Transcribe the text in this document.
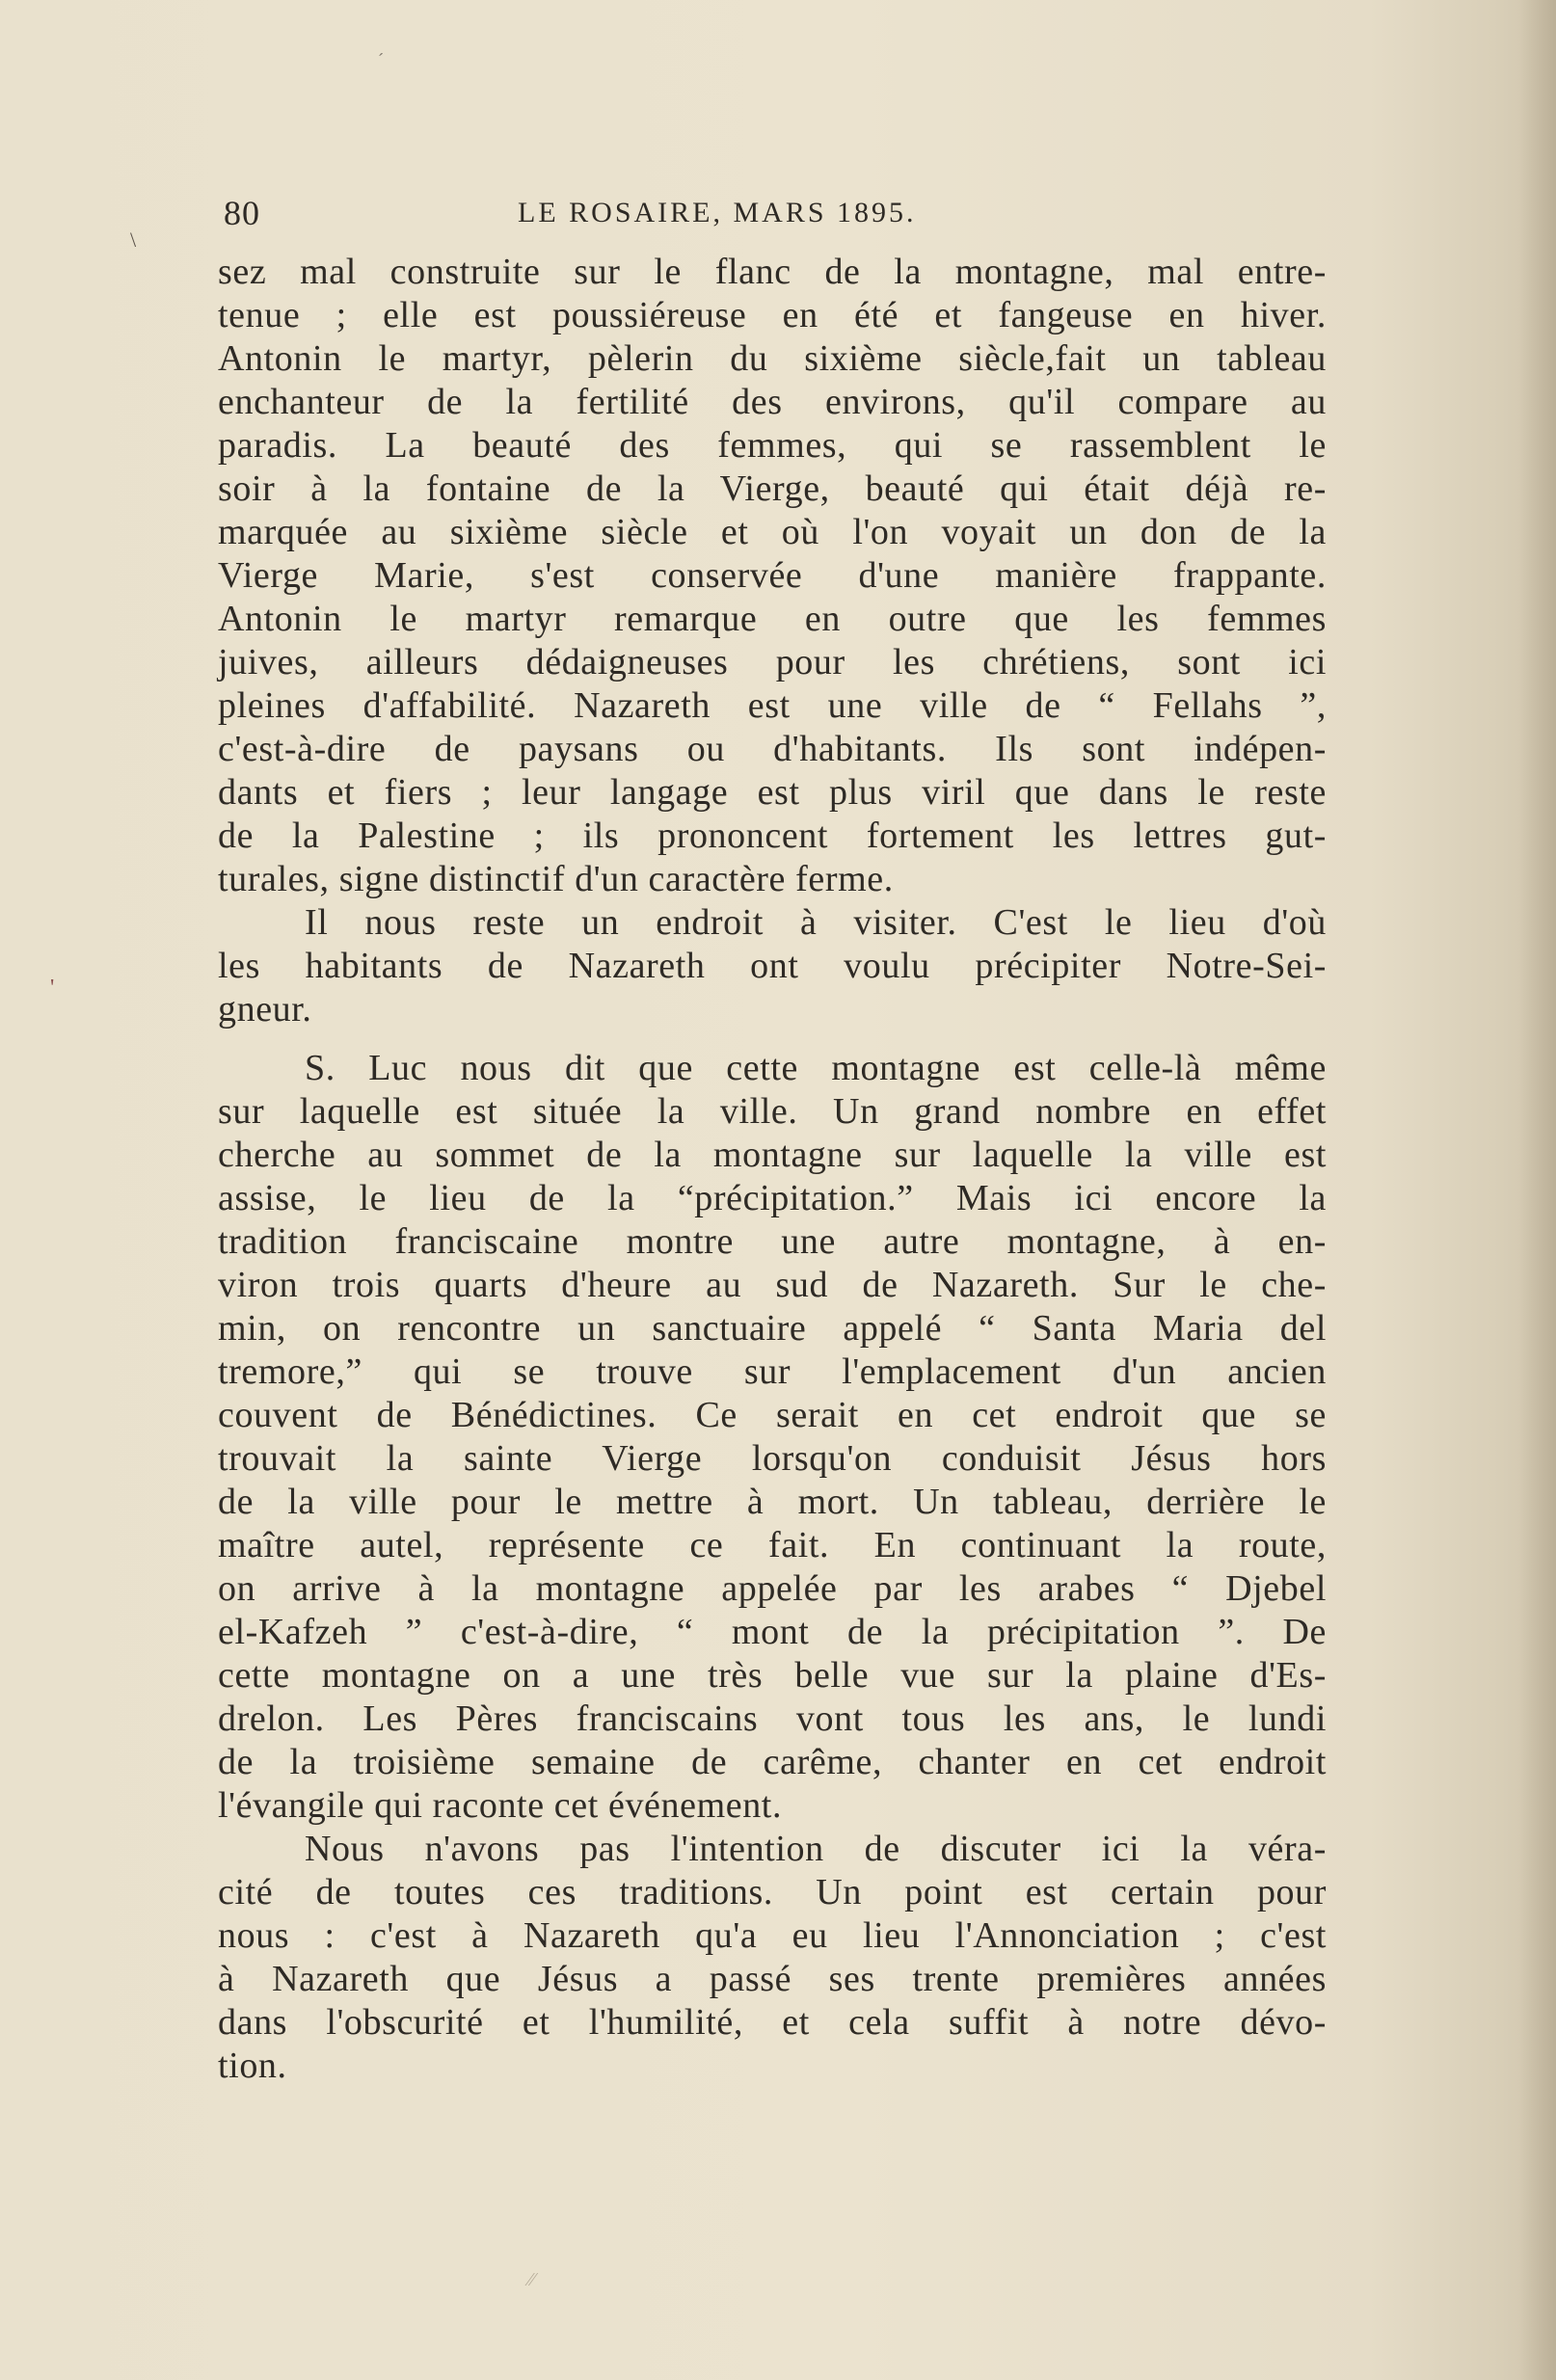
´
\
'
80	LE ROSAIRE, MARS 1895.
sez mal construite sur le flanc de la montagne, mal entre-
tenue ; elle est poussiéreuse en été et fangeuse en hiver.
Antonin le martyr, pèlerin du sixième siècle,fait un tableau
enchanteur de la fertilité des environs, qu'il compare au
paradis. La beauté des femmes, qui se rassemblent le
soir à la fontaine de la Vierge, beauté qui était déjà re-
marquée au sixième siècle et où l'on voyait un don de la
Vierge Marie, s'est conservée d'une manière frappante.
Antonin le martyr remarque en outre que les femmes
juives, ailleurs dédaigneuses pour les chrétiens, sont ici
pleines d'affabilité. Nazareth est une ville de “ Fellahs ”,
c'est-à-dire de paysans ou d'habitants. Ils sont indépen-
dants et fiers ; leur langage est plus viril que dans le reste
de la Palestine ; ils prononcent fortement les lettres gut-
turales, signe distinctif d'un caractère ferme.
Il nous reste un endroit à visiter. C'est le lieu d'où
les habitants de Nazareth ont voulu précipiter Notre-Sei-
gneur.
S. Luc nous dit que cette montagne est celle-là même
sur laquelle est située la ville. Un grand nombre en effet
cherche au sommet de la montagne sur laquelle la ville est
assise, le lieu de la “précipitation.” Mais ici encore la
tradition franciscaine montre une autre montagne, à en-
viron trois quarts d'heure au sud de Nazareth. Sur le che-
min, on rencontre un sanctuaire appelé “ Santa Maria del
tremore,” qui se trouve sur l'emplacement d'un ancien
couvent de Bénédictines. Ce serait en cet endroit que se
trouvait la sainte Vierge lorsqu'on conduisit Jésus hors
de la ville pour le mettre à mort. Un tableau, derrière le
maître autel, représente ce fait. En continuant la route,
on arrive à la montagne appelée par les arabes “ Djebel
el-Kafzeh ” c'est-à-dire, “ mont de la précipitation ”. De
cette montagne on a une très belle vue sur la plaine d'Es-
drelon. Les Pères franciscains vont tous les ans, le lundi
de la troisième semaine de carême, chanter en cet endroit
l'évangile qui raconte cet événement.
Nous n'avons pas l'intention de discuter ici la véra-
cité de toutes ces traditions. Un point est certain pour
nous : c'est à Nazareth qu'a eu lieu l'Annonciation ; c'est
à Nazareth que Jésus a passé ses trente premières années
dans l'obscurité et l'humilité, et cela suffit à notre dévo-
tion.
⁄⁄
